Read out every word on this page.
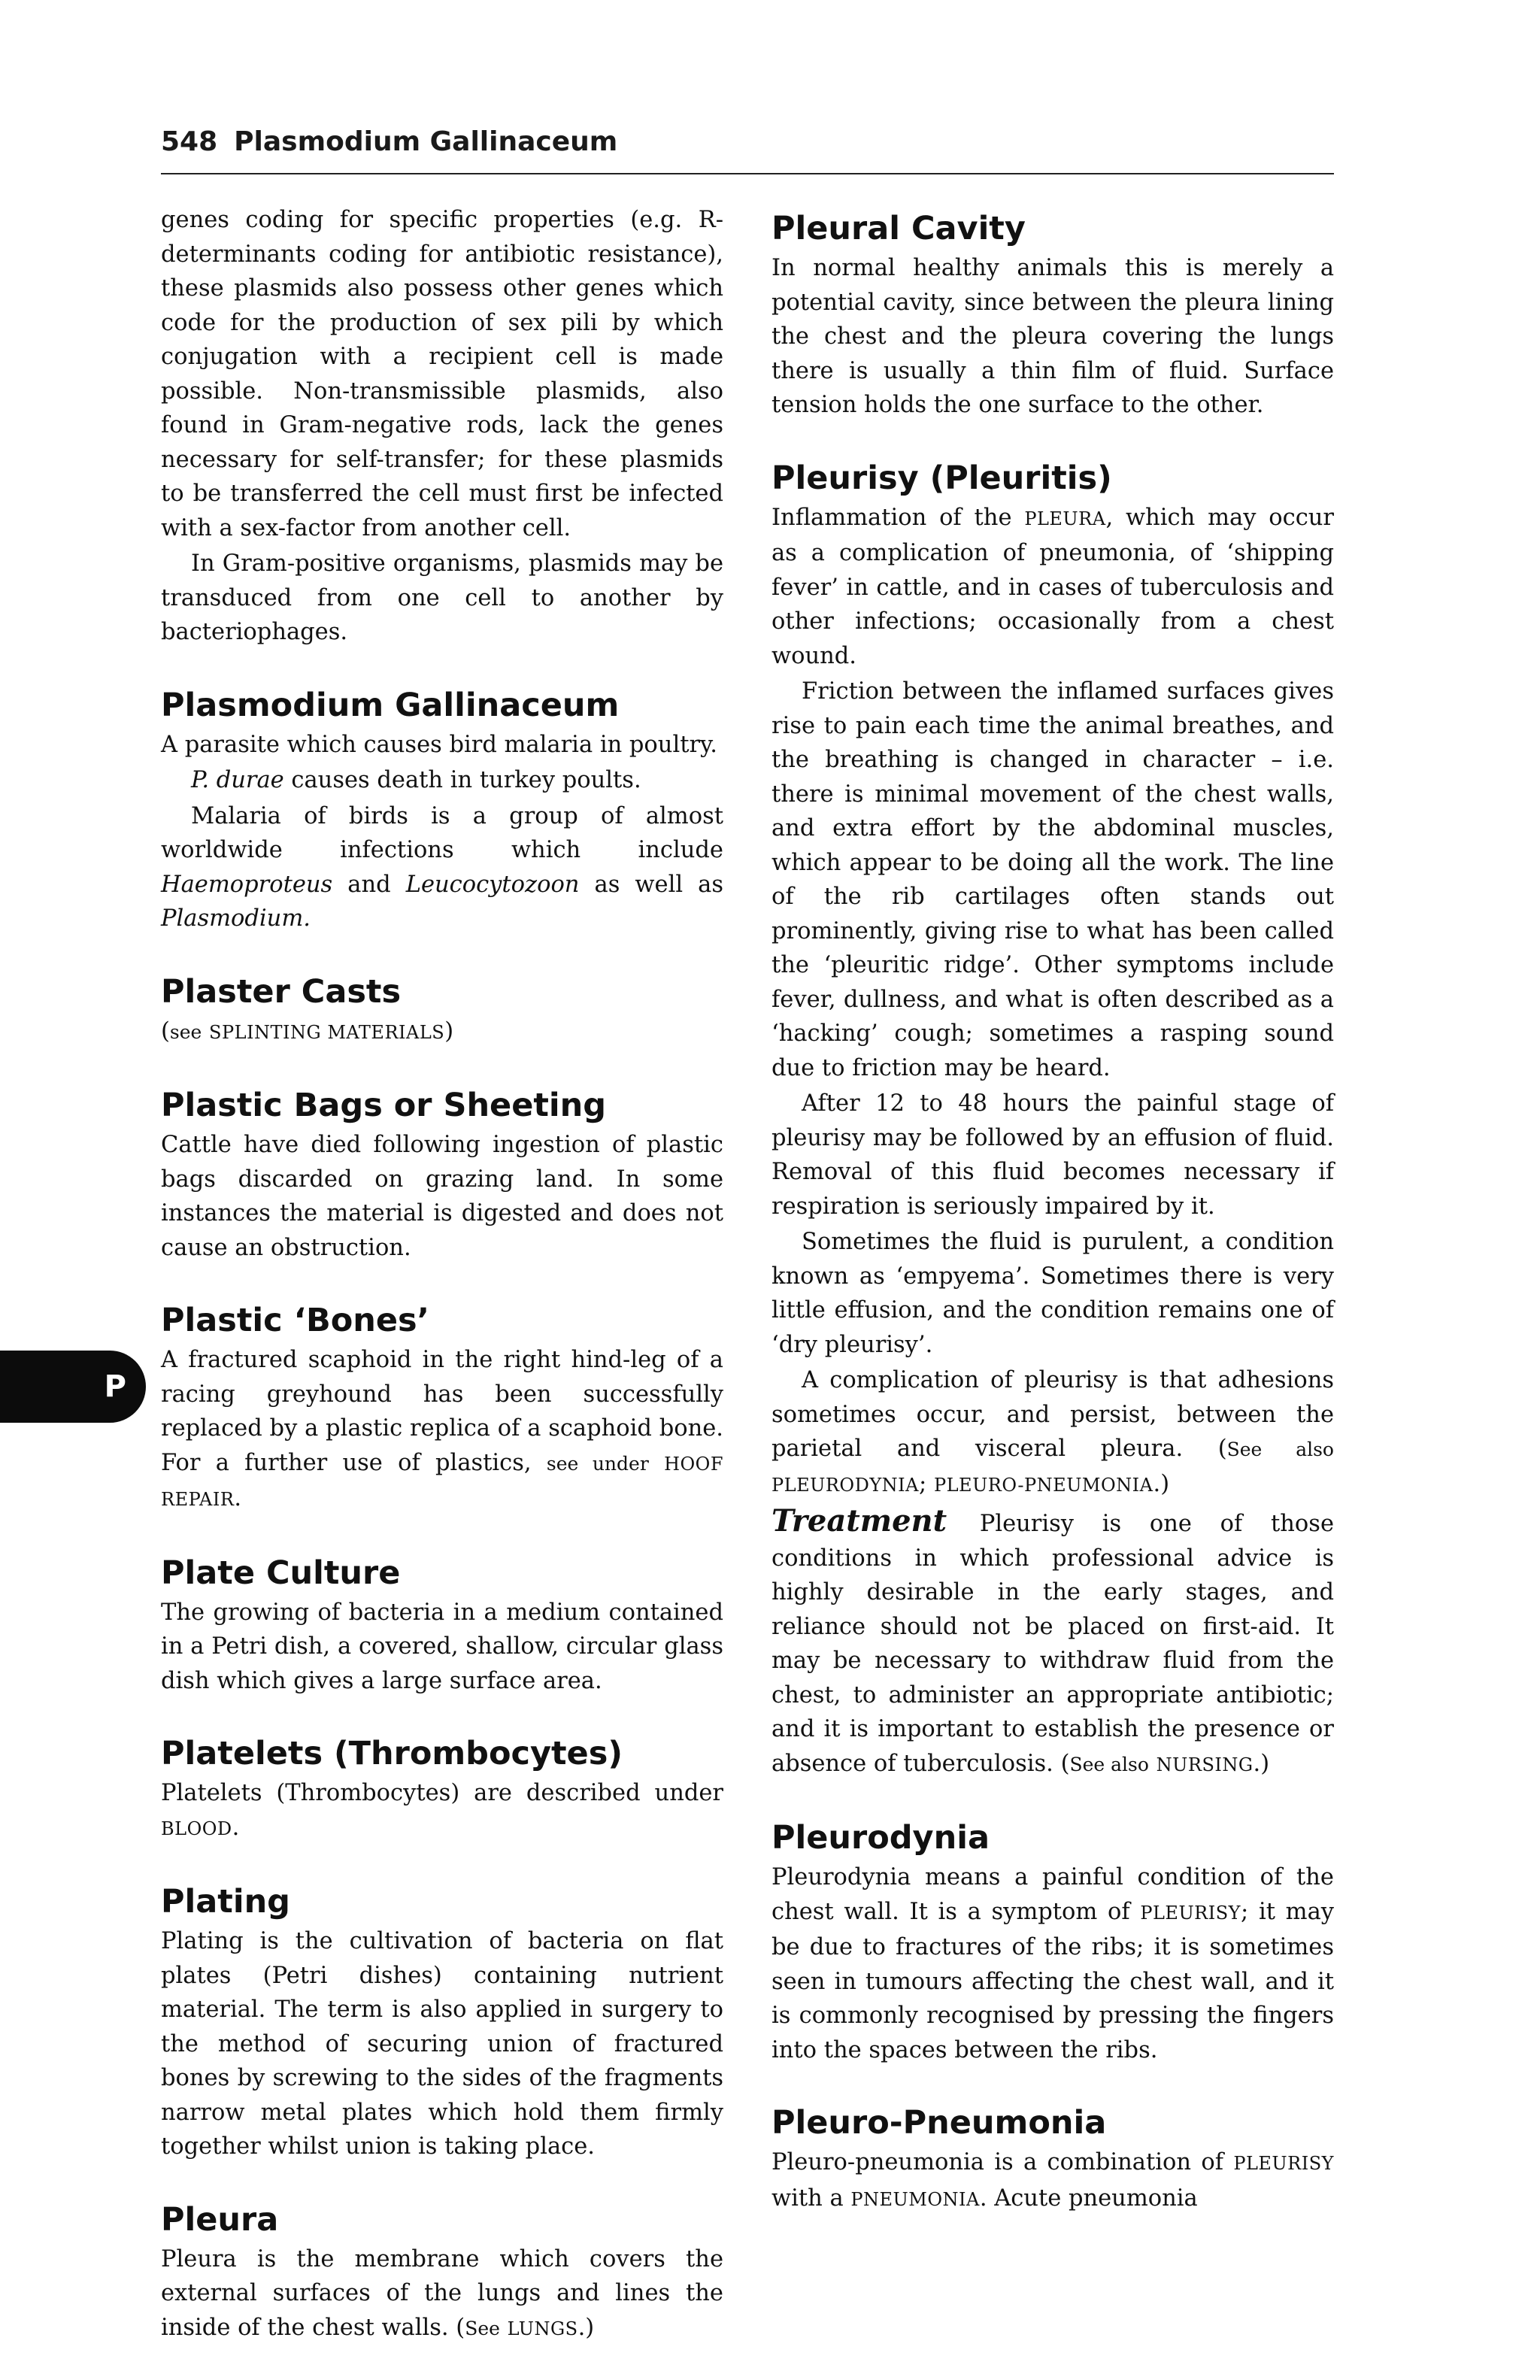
548 Plasmodium Gallinaceum
P

genes coding for specific properties (e.g. R-determinants coding for antibiotic resistance), these plasmids also possess other genes which code for the production of sex pili by which conjugation with a recipient cell is made possible. Non-transmissible plasmids, also found in Gram-negative rods, lack the genes necessary for self-transfer; for these plasmids to be transferred the cell must first be infected with a sex-factor from another cell.

In Gram-positive organisms, plasmids may be transduced from one cell to another by bacteriophages.

Plasmodium Gallinaceum

A parasite which causes bird malaria in poultry.

P. durae causes death in turkey poults.

Malaria of birds is a group of almost worldwide infections which include Haemoproteus and Leucocytozoon as well as Plasmodium.

Plaster Casts

(see SPLINTING MATERIALS)

Plastic Bags or Sheeting

Cattle have died following ingestion of plastic bags discarded on grazing land. In some instances the material is digested and does not cause an obstruction.

Plastic ‘Bones’

A fractured scaphoid in the right hind-leg of a racing greyhound has been successfully replaced by a plastic replica of a scaphoid bone. For a further use of plastics, see under HOOF REPAIR.

Plate Culture

The growing of bacteria in a medium contained in a Petri dish, a covered, shallow, circular glass dish which gives a large surface area.

Platelets (Thrombocytes)

Platelets (Thrombocytes) are described under BLOOD.

Plating

Plating is the cultivation of bacteria on flat plates (Petri dishes) containing nutrient material. The term is also applied in surgery to the method of securing union of fractured bones by screwing to the sides of the fragments narrow metal plates which hold them firmly together whilst union is taking place.

Pleura

Pleura is the membrane which covers the external surfaces of the lungs and lines the inside of the chest walls. (See LUNGS.)

Pleural Cavity

In normal healthy animals this is merely a potential cavity, since between the pleura lining the chest and the pleura covering the lungs there is usually a thin film of fluid. Surface tension holds the one surface to the other.

Pleurisy (Pleuritis)

Inflammation of the PLEURA, which may occur as a complication of pneumonia, of ‘shipping fever’ in cattle, and in cases of tuberculosis and other infections; occasionally from a chest wound.

Friction between the inflamed surfaces gives rise to pain each time the animal breathes, and the breathing is changed in character – i.e. there is minimal movement of the chest walls, and extra effort by the abdominal muscles, which appear to be doing all the work. The line of the rib cartilages often stands out prominently, giving rise to what has been called the ‘pleuritic ridge’. Other symptoms include fever, dullness, and what is often described as a ‘hacking’ cough; sometimes a rasping sound due to friction may be heard.

After 12 to 48 hours the painful stage of pleurisy may be followed by an effusion of fluid. Removal of this fluid becomes necessary if respiration is seriously impaired by it.

Sometimes the fluid is purulent, a condition known as ‘empyema’. Sometimes there is very little effusion, and the condition remains one of ‘dry pleurisy’.

A complication of pleurisy is that adhesions sometimes occur, and persist, between the parietal and visceral pleura. (See also PLEURODYNIA; PLEURO-PNEUMONIA.)

Treatment Pleurisy is one of those conditions in which professional advice is highly desirable in the early stages, and reliance should not be placed on first-aid. It may be necessary to withdraw fluid from the chest, to administer an appropriate antibiotic; and it is important to establish the presence or absence of tuberculosis. (See also NURSING.)

Pleurodynia

Pleurodynia means a painful condition of the chest wall. It is a symptom of PLEURISY; it may be due to fractures of the ribs; it is sometimes seen in tumours affecting the chest wall, and it is commonly recognised by pressing the fingers into the spaces between the ribs.

Pleuro-Pneumonia

Pleuro-pneumonia is a combination of PLEURISY with a PNEUMONIA. Acute pneumonia
